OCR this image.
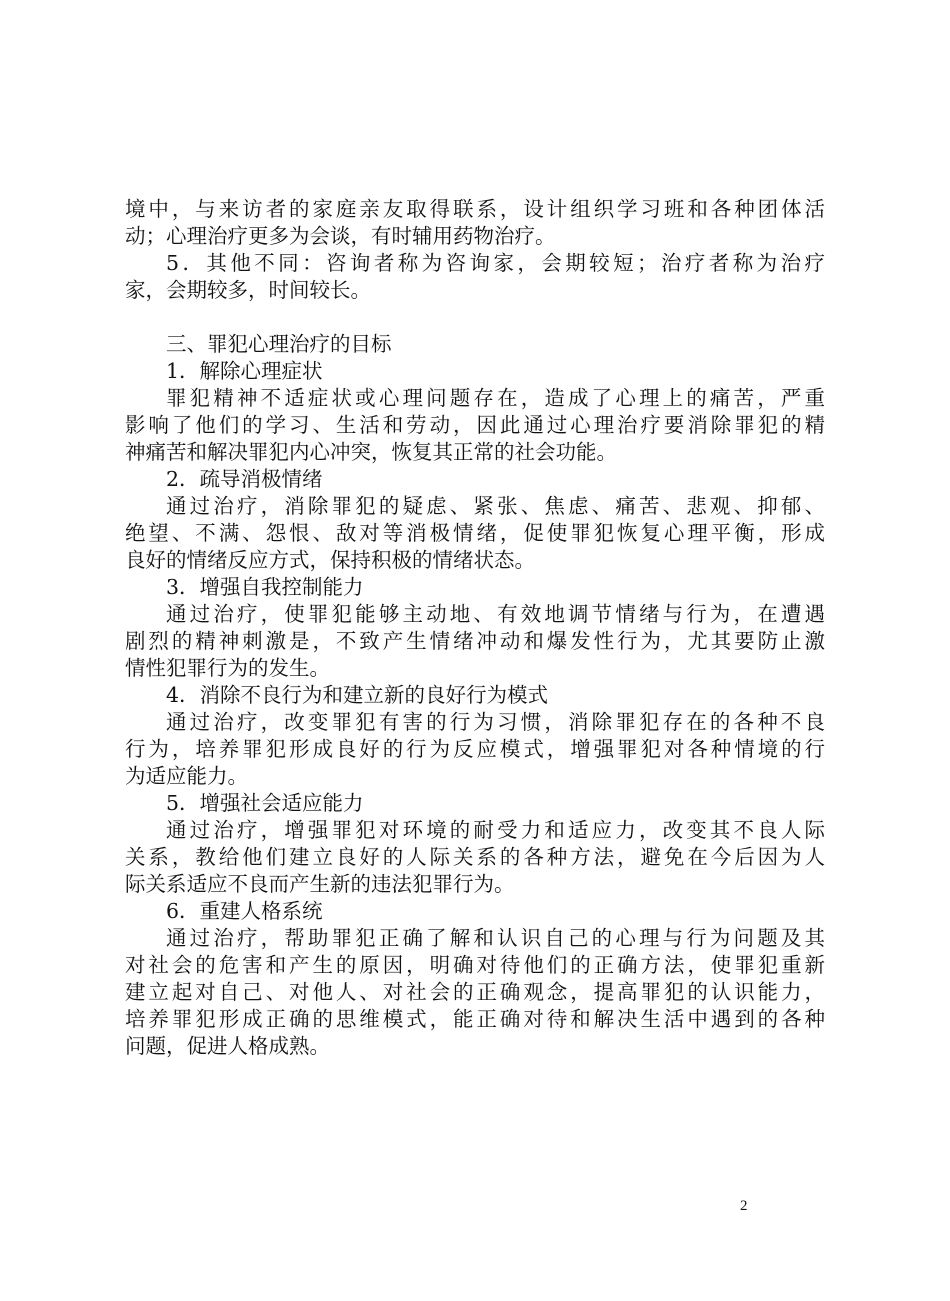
境中，与来访者的家庭亲友取得联系，设计组织学习班和各种团体活
动；心理治疗更多为会谈，有时辅用药物治疗。
5．其他不同：咨询者称为咨询家，会期较短；治疗者称为治疗
家，会期较多，时间较长。
三、罪犯心理治疗的目标
1．解除心理症状
罪犯精神不适症状或心理问题存在，造成了心理上的痛苦，严重
影响了他们的学习、生活和劳动，因此通过心理治疗要消除罪犯的精
神痛苦和解决罪犯内心冲突，恢复其正常的社会功能。
2．疏导消极情绪
通过治疗，消除罪犯的疑虑、紧张、焦虑、痛苦、悲观、抑郁、
绝望、不满、怨恨、敌对等消极情绪，促使罪犯恢复心理平衡，形成
良好的情绪反应方式，保持积极的情绪状态。
3．增强自我控制能力
通过治疗，使罪犯能够主动地、有效地调节情绪与行为，在遭遇
剧烈的精神刺激是，不致产生情绪冲动和爆发性行为，尤其要防止激
情性犯罪行为的发生。
4．消除不良行为和建立新的良好行为模式
通过治疗，改变罪犯有害的行为习惯，消除罪犯存在的各种不良
行为，培养罪犯形成良好的行为反应模式，增强罪犯对各种情境的行
为适应能力。
5．增强社会适应能力
通过治疗，增强罪犯对环境的耐受力和适应力，改变其不良人际
关系，教给他们建立良好的人际关系的各种方法，避免在今后因为人
际关系适应不良而产生新的违法犯罪行为。
6．重建人格系统
通过治疗，帮助罪犯正确了解和认识自己的心理与行为问题及其
对社会的危害和产生的原因，明确对待他们的正确方法，使罪犯重新
建立起对自己、对他人、对社会的正确观念，提高罪犯的认识能力，
培养罪犯形成正确的思维模式，能正确对待和解决生活中遇到的各种
问题，促进人格成熟。
2
